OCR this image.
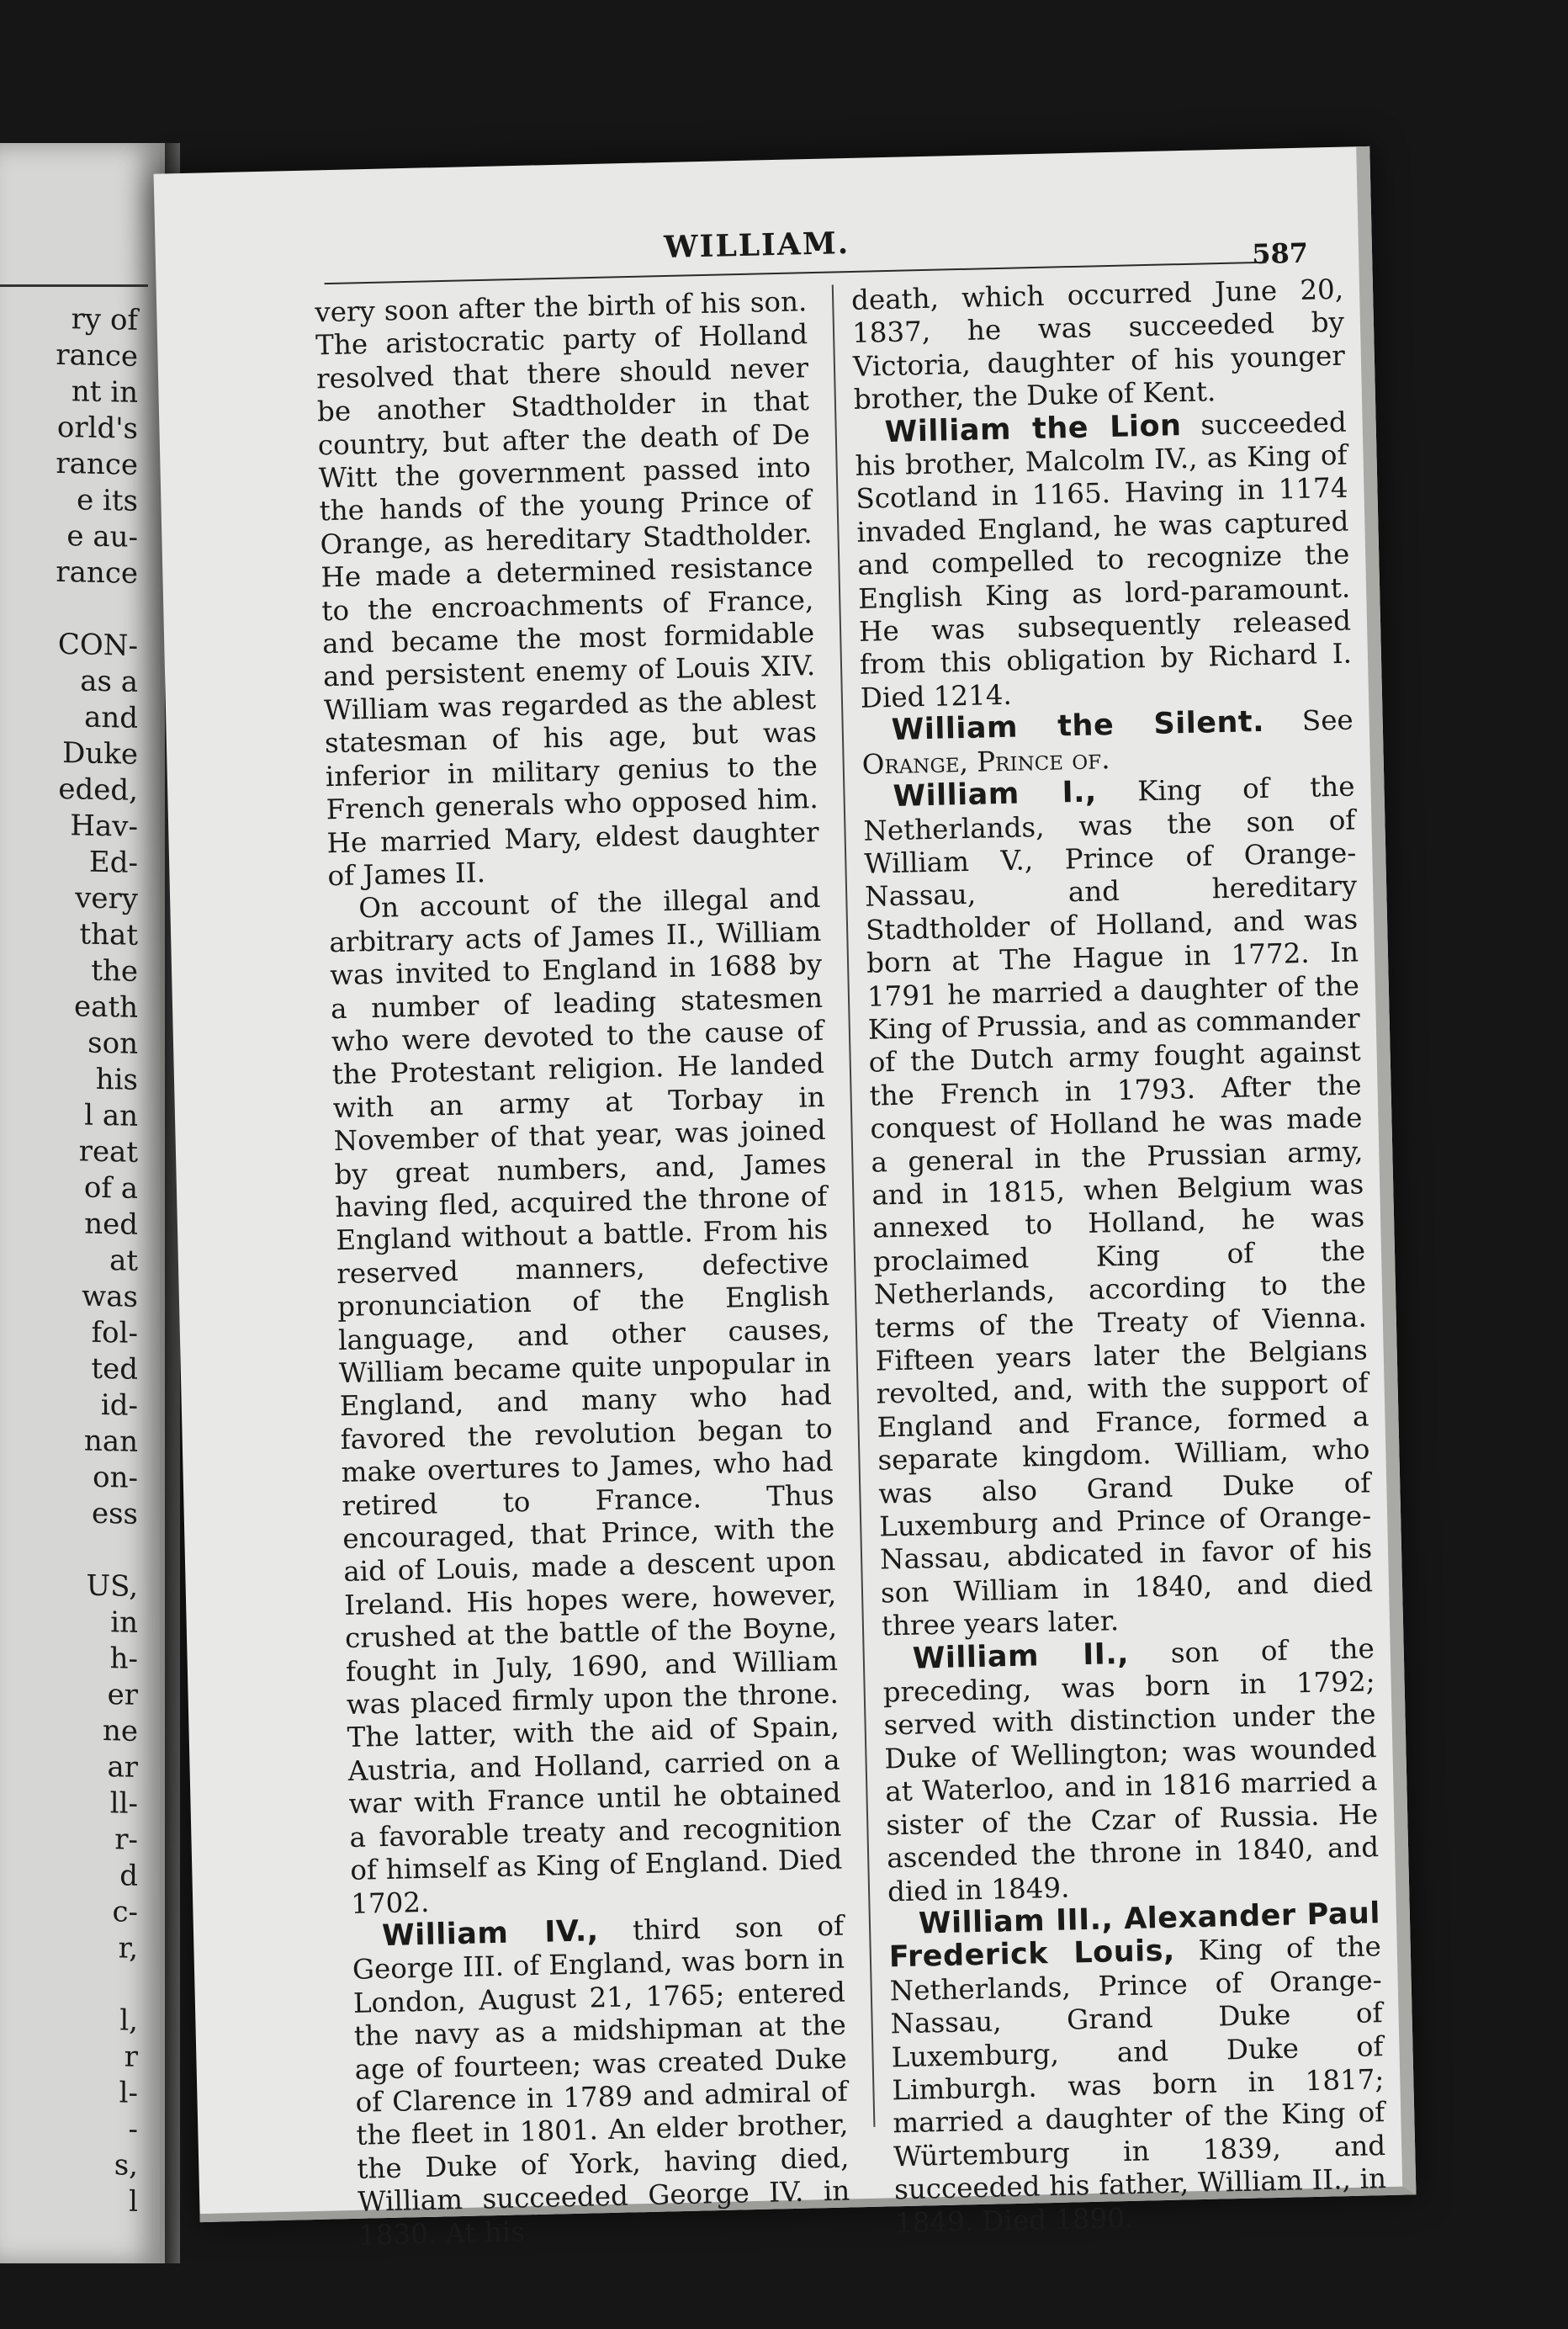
ry of
rance
nt in
orld's
rance
e its
e au-
rance

CON-
as a
and
Duke
eded,
Hav-
Ed-
very
that
the
eath
son
his
l an
reat
of a
ned
at
was
fol-
ted
id-
nan
on-
ess

US,
in
h-
er
ne
ar
ll-
r-
d
c-
r,

l,
r
l-
-
s,
l
WILLIAM.	587

very soon after the birth of his son. The aristocratic party of Holland resolved that there should never be another Stadtholder in that country, but after the death of De Witt the government passed into the hands of the young Prince of Orange, as hereditary Stadtholder. He made a determined resistance to the encroachments of France, and became the most formidable and persistent enemy of Louis XIV. William was regarded as the ablest statesman of his age, but was inferior in military genius to the French generals who opposed him. He married Mary, eldest daughter of James II.

On account of the illegal and arbitrary acts of James II., William was invited to England in 1688 by a number of leading statesmen who were devoted to the cause of the Protestant religion. He landed with an army at Torbay in November of that year, was joined by great numbers, and, James having fled, acquired the throne of England without a battle. From his reserved manners, defective pronunciation of the English language, and other causes, William became quite unpopular in England, and many who had favored the revolution began to make overtures to James, who had retired to France. Thus encouraged, that Prince, with the aid of Louis, made a descent upon Ireland. His hopes were, however, crushed at the battle of the Boyne, fought in July, 1690, and William was placed firmly upon the throne. The latter, with the aid of Spain, Austria, and Holland, carried on a war with France until he obtained a favorable treaty and recognition of himself as King of England. Died 1702.

William IV., third son of George III. of England, was born in London, August 21, 1765; entered the navy as a midshipman at the age of fourteen; was created Duke of Clarence in 1789 and admiral of the fleet in 1801. An elder brother, the Duke of York, having died, William succeeded George IV. in 1830. At his

death, which occurred June 20, 1837, he was succeeded by Victoria, daughter of his younger brother, the Duke of Kent.

William the Lion succeeded his brother, Malcolm IV., as King of Scotland in 1165. Having in 1174 invaded England, he was captured and compelled to recognize the English King as lord-paramount. He was subsequently released from this obligation by Richard I. Died 1214.

William the Silent. See Orange, Prince of.

William I., King of the Netherlands, was the son of William V., Prince of Orange-Nassau, and hereditary Stadtholder of Holland, and was born at The Hague in 1772. In 1791 he married a daughter of the King of Prussia, and as commander of the Dutch army fought against the French in 1793. After the conquest of Holland he was made a general in the Prussian army, and in 1815, when Belgium was annexed to Holland, he was proclaimed King of the Netherlands, according to the terms of the Treaty of Vienna. Fifteen years later the Belgians revolted, and, with the support of England and France, formed a separate kingdom. William, who was also Grand Duke of Luxemburg and Prince of Orange-Nassau, abdicated in favor of his son William in 1840, and died three years later.

William II., son of the preceding, was born in 1792; served with distinction under the Duke of Wellington; was wounded at Waterloo, and in 1816 married a sister of the Czar of Russia. He ascended the throne in 1840, and died in 1849.

William III., Alexander Paul Frederick Louis, King of the Netherlands, Prince of Orange-Nassau, Grand Duke of Luxemburg, and Duke of Limburgh. was born in 1817; married a daughter of the King of Würtemburg in 1839, and succeeded his father, William II., in 1849. Died 1890.
